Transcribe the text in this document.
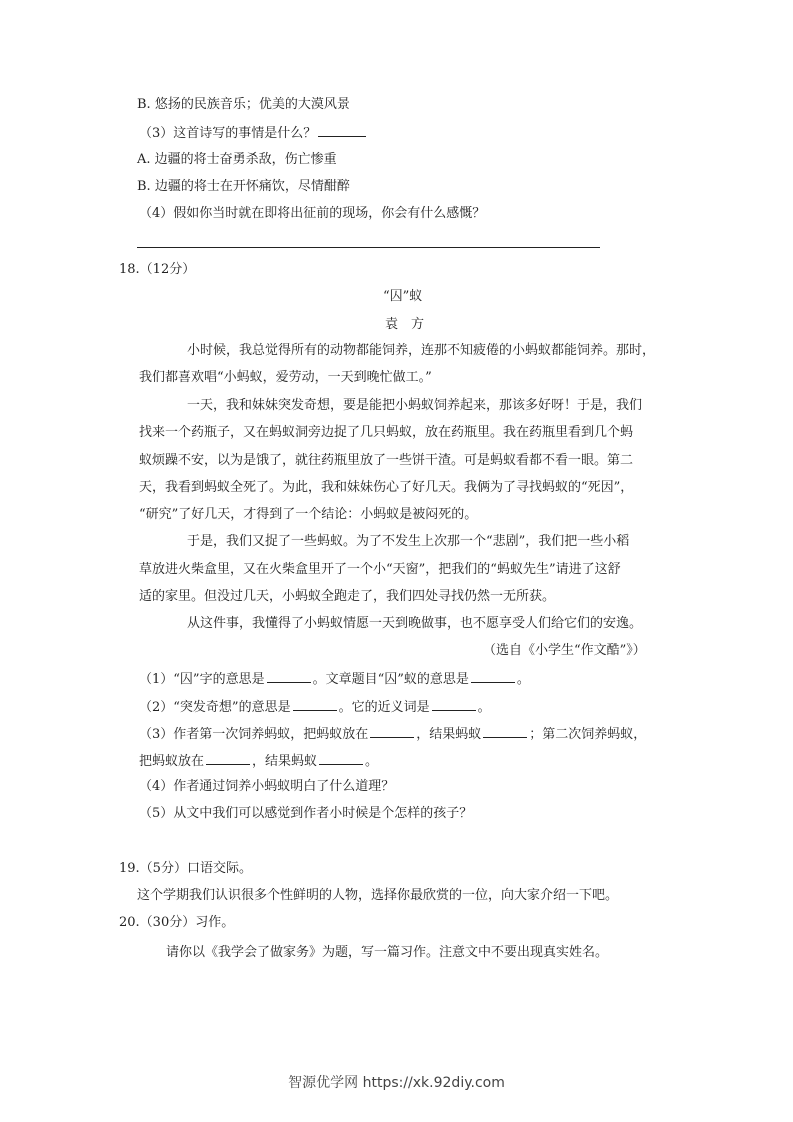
B. 悠扬的民族音乐；优美的大漠风景
（3）这首诗写的事情是什么？
A. 边疆的将士奋勇杀敌，伤亡惨重
B. 边疆的将士在开怀痛饮，尽情酣醉
（4）假如你当时就在即将出征前的现场，你会有什么感慨？
18.（12分）
“囚”蚁
袁　方
小时候，我总觉得所有的动物都能饲养，连那不知疲倦的小蚂蚁都能饲养。那时，
我们都喜欢唱“小蚂蚁，爱劳动，一天到晚忙做工。”
一天，我和妹妹突发奇想，要是能把小蚂蚁饲养起来，那该多好呀！于是，我们
找来一个药瓶子，又在蚂蚁洞旁边捉了几只蚂蚁，放在药瓶里。我在药瓶里看到几个蚂
蚁烦躁不安，以为是饿了，就往药瓶里放了一些饼干渣。可是蚂蚁看都不看一眼。第二
天，我看到蚂蚁全死了。为此，我和妹妹伤心了好几天。我俩为了寻找蚂蚁的“死因”，
“研究”了好几天，才得到了一个结论：小蚂蚁是被闷死的。
于是，我们又捉了一些蚂蚁。为了不发生上次那一个“悲剧”，我们把一些小稻
草放进火柴盒里，又在火柴盒里开了一个小“天窗”，把我们的“蚂蚁先生”请进了这舒
适的家里。但没过几天，小蚂蚁全跑走了，我们四处寻找仍然一无所获。
从这件事，我懂得了小蚂蚁情愿一天到晚做事，也不愿享受人们给它们的安逸。
（选自《小学生“作文酷”》）
（1）“囚”字的意思是	。文章题目“囚”蚁的意思是	。
（2）“突发奇想”的意思是	。它的近义词是	。
（3）作者第一次饲养蚂蚁，把蚂蚁放在	，结果蚂蚁	；第二次饲养蚂蚁，
把蚂蚁放在	，结果蚂蚁	。
（4）作者通过饲养小蚂蚁明白了什么道理？
（5）从文中我们可以感觉到作者小时候是个怎样的孩子？
19.（5分）口语交际。
这个学期我们认识很多个性鲜明的人物，选择你最欣赏的一位，向大家介绍一下吧。
20.（30分）习作。
请你以《我学会了做家务》为题，写一篇习作。注意文中不要出现真实姓名。
智源优学网 https://xk.92diy.com
